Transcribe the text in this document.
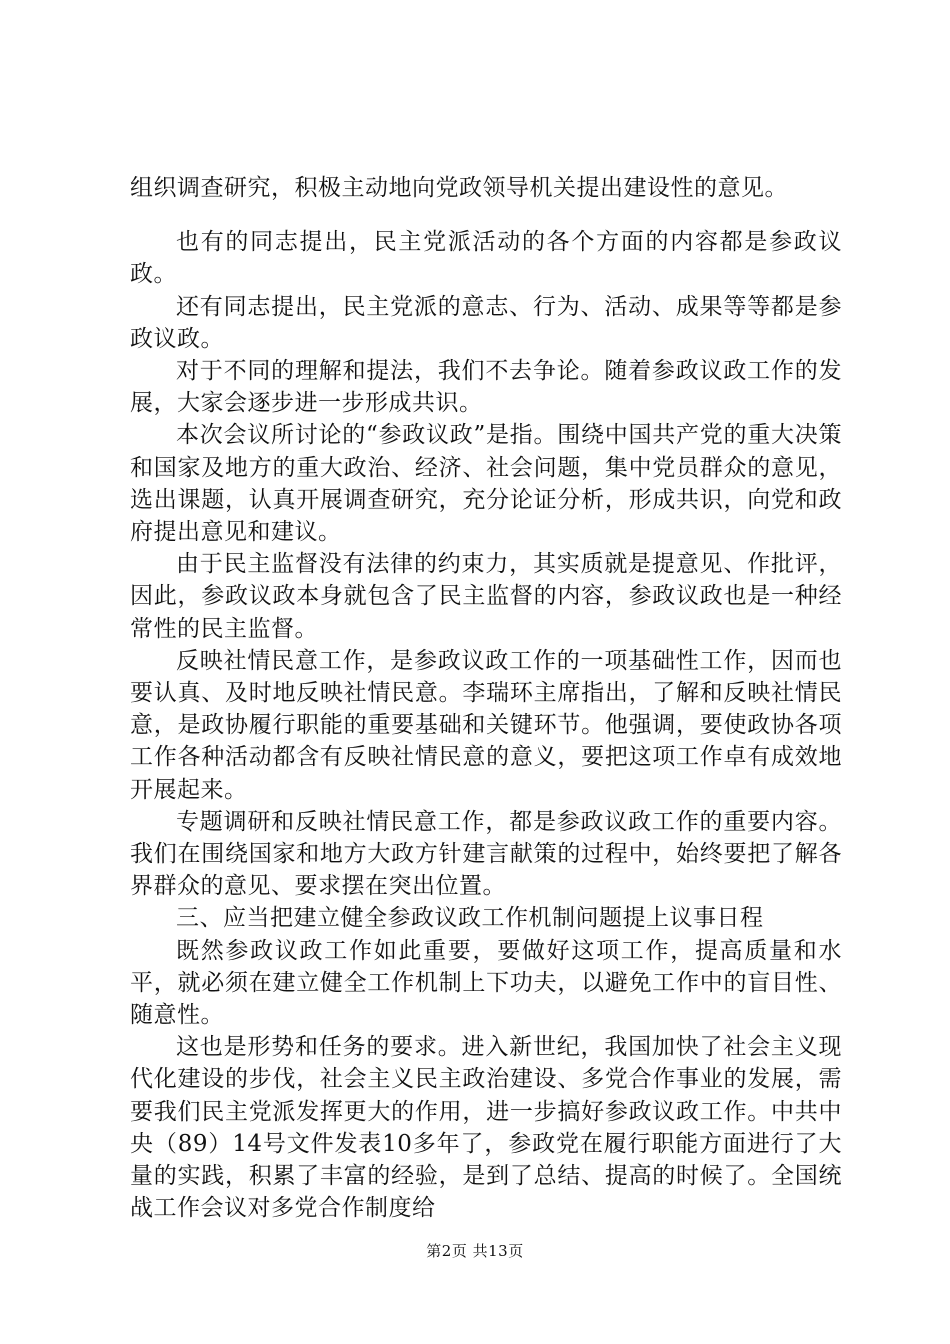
组织调查研究，积极主动地向党政领导机关提出建设性的意见。

也有的同志提出，民主党派活动的各个方面的内容都是参政议政。

还有同志提出，民主党派的意志、行为、活动、成果等等都是参政议政。

对于不同的理解和提法，我们不去争论。随着参政议政工作的发展，大家会逐步进一步形成共识。

本次会议所讨论的“参政议政”是指。围绕中国共产党的重大决策和国家及地方的重大政治、经济、社会问题，集中党员群众的意见，选出课题，认真开展调查研究，充分论证分析，形成共识，向党和政府提出意见和建议。

由于民主监督没有法律的约束力，其实质就是提意见、作批评，因此，参政议政本身就包含了民主监督的内容，参政议政也是一种经常性的民主监督。

反映社情民意工作，是参政议政工作的一项基础性工作，因而也要认真、及时地反映社情民意。李瑞环主席指出，了解和反映社情民意，是政协履行职能的重要基础和关键环节。他强调，要使政协各项工作各种活动都含有反映社情民意的意义，要把这项工作卓有成效地开展起来。

专题调研和反映社情民意工作，都是参政议政工作的重要内容。我们在围绕国家和地方大政方针建言献策的过程中，始终要把了解各界群众的意见、要求摆在突出位置。

三、应当把建立健全参政议政工作机制问题提上议事日程

既然参政议政工作如此重要，要做好这项工作，提高质量和水平，就必须在建立健全工作机制上下功夫，以避免工作中的盲目性、随意性。

这也是形势和任务的要求。进入新世纪，我国加快了社会主义现代化建设的步伐，社会主义民主政治建设、多党合作事业的发展，需要我们民主党派发挥更大的作用，进一步搞好参政议政工作。中共中央（89）14号文件发表10多年了，参政党在履行职能方面进行了大量的实践，积累了丰富的经验，是到了总结、提高的时候了。全国统战工作会议对多党合作制度给

第2页 共13页
